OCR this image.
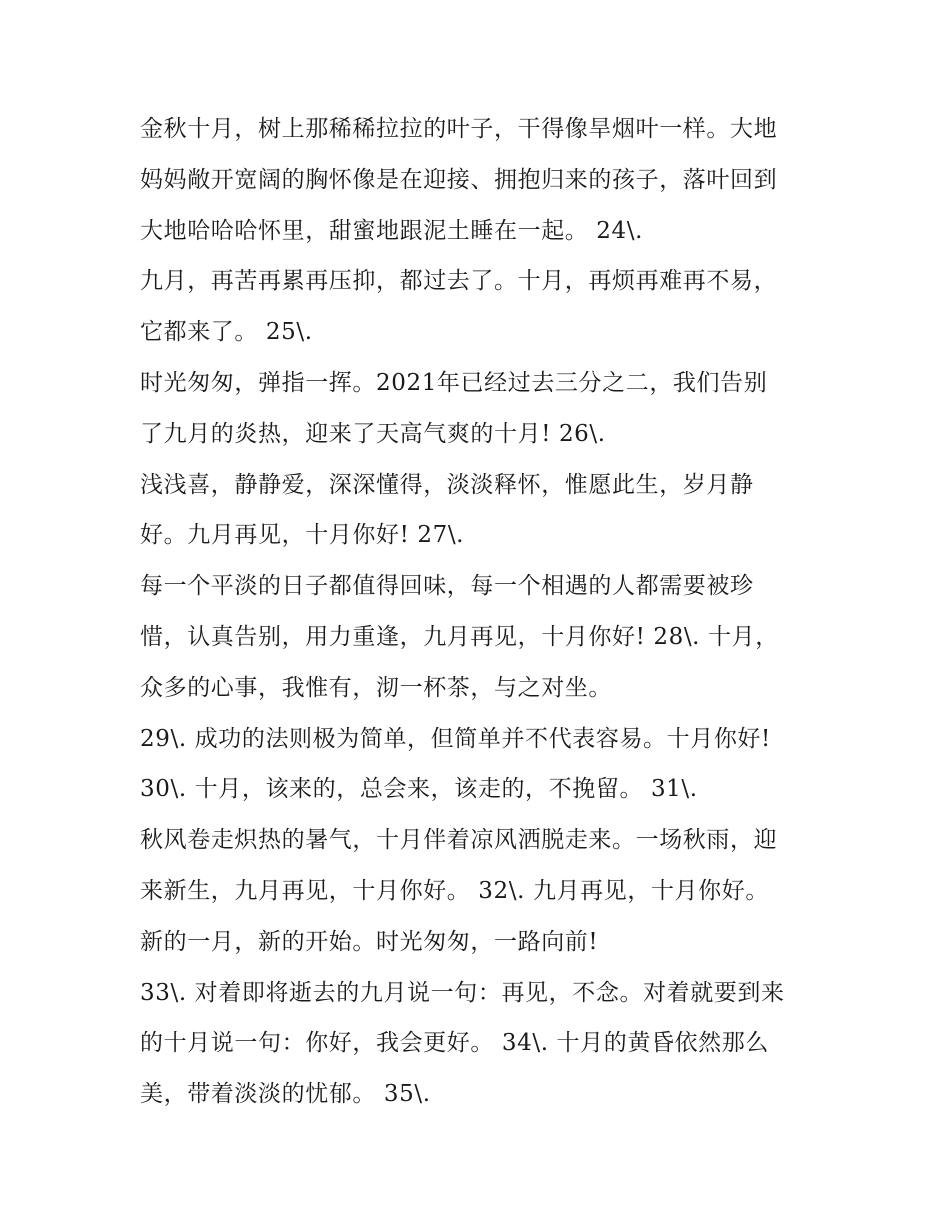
金秋十月，树上那稀稀拉拉的叶子，干得像旱烟叶一样。大地
妈妈敞开宽阔的胸怀像是在迎接、拥抱归来的孩子，落叶回到
大地哈哈哈怀里，甜蜜地跟泥土睡在一起。 24\.
九月，再苦再累再压抑，都过去了。十月，再烦再难再不易，
它都来了。 25\.
时光匆匆，弹指一挥。2021年已经过去三分之二，我们告别
了九月的炎热，迎来了天高气爽的十月! 26\.
浅浅喜，静静爱，深深懂得，淡淡释怀，惟愿此生，岁月静
好。九月再见，十月你好! 27\.
每一个平淡的日子都值得回味，每一个相遇的人都需要被珍
惜，认真告别，用力重逢，九月再见，十月你好! 28\. 十月，
众多的心事，我惟有，沏一杯茶，与之对坐。
29\. 成功的法则极为简单，但简单并不代表容易。十月你好!
30\. 十月，该来的，总会来，该走的，不挽留。 31\.
秋风卷走炽热的暑气，十月伴着凉风洒脱走来。一场秋雨，迎
来新生，九月再见，十月你好。 32\. 九月再见，十月你好。
新的一月，新的开始。时光匆匆，一路向前!
33\. 对着即将逝去的九月说一句：再见，不念。对着就要到来
的十月说一句：你好，我会更好。 34\. 十月的黄昏依然那么
美，带着淡淡的忧郁。 35\.
